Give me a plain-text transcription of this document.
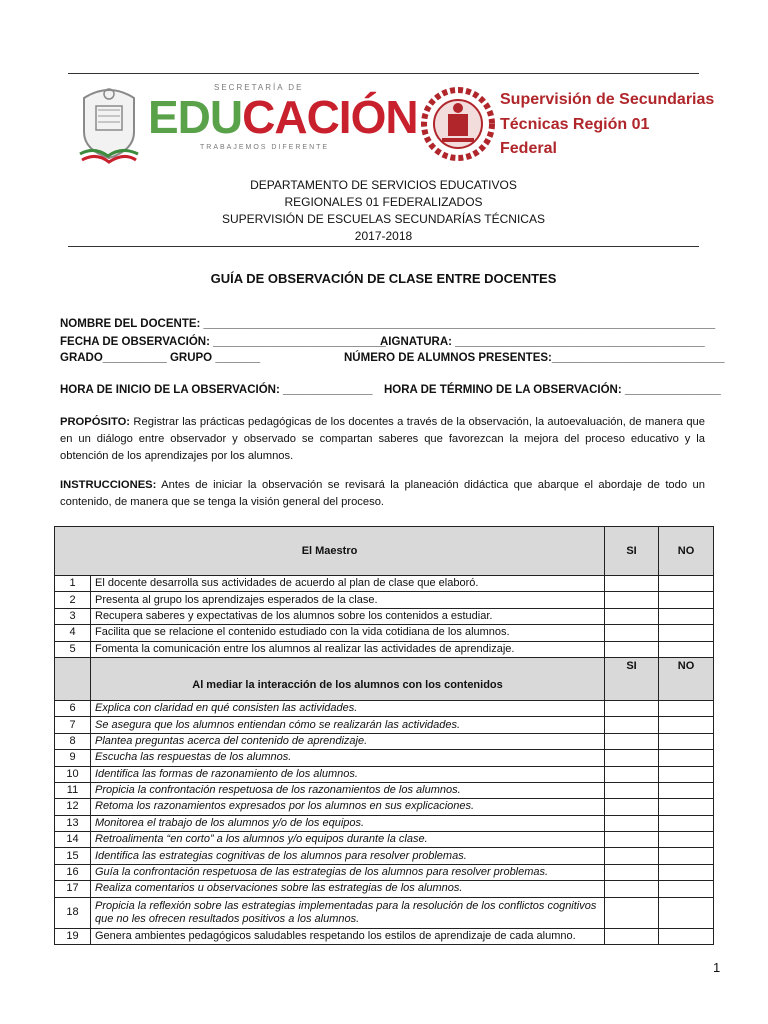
SECRETARÍA DE
EDUCACIÓN
TRABAJEMOS DIFERENTE
Supervisión de Secundarias
Técnicas Región 01
Federal
DEPARTAMENTO DE SERVICIOS EDUCATIVOS
REGIONALES 01 FEDERALIZADOS
SUPERVISIÓN DE ESCUELAS SECUNDARÍAS TÉCNICAS
2017-2018
GUÍA DE OBSERVACIÓN DE CLASE ENTRE DOCENTES
NOMBRE DEL DOCENTE: ________________________________________________________________________________
FECHA DE OBSERVACIÓN: ___________________________
AIGNATURA: _______________________________________
GRADO__________ GRUPO _______	NÚMERO DE ALUMNOS PRESENTES:___________________________
HORA DE INICIO DE LA OBSERVACIÓN: ______________ HORA DE TÉRMINO DE LA OBSERVACIÓN: _______________
PROPÓSITO: Registrar las prácticas pedagógicas de los docentes a través de la observación, la autoevaluación, de manera que en un diálogo entre observador y observado se compartan saberes que favorezcan la mejora del proceso educativo y la obtención de los aprendizajes por los alumnos.
INSTRUCCIONES: Antes de iniciar la observación se revisará la planeación didáctica que abarque el abordaje de todo un contenido, de manera que se tenga la visión general del proceso.
El Maestro		SI	NO
1	El docente desarrolla sus actividades de acuerdo al plan de clase que elaboró.		
2	Presenta al grupo los aprendizajes esperados de la clase.		
3	Recupera saberes y expectativas de los alumnos sobre los contenidos a estudiar.		
4	Facilita que se relacione el contenido estudiado con la vida cotidiana de los alumnos.		
5	Fomenta la comunicación entre los alumnos al realizar las actividades de aprendizaje.		
	Al mediar la interacción de los alumnos con los contenidos	SI	NO
6	Explica con claridad en qué consisten las actividades.		
7	Se asegura que los alumnos entiendan cómo se realizarán las actividades.		
8	Plantea preguntas acerca del contenido de aprendizaje.		
9	Escucha las respuestas de los alumnos.		
10	Identifica las formas de razonamiento de los alumnos.		
11	Propicia la confrontación respetuosa de los razonamientos de los alumnos.		
12	Retoma los razonamientos expresados por los alumnos en sus explicaciones.		
13	Monitorea el trabajo de los alumnos y/o de los equipos.		
14	Retroalimenta “en corto” a los alumnos y/o equipos durante la clase.		
15	Identifica las estrategias cognitivas de los alumnos para resolver problemas.		
16	Guía la confrontación respetuosa de las estrategias de los alumnos para resolver problemas.		
17	Realiza comentarios u observaciones sobre las estrategias de los alumnos.		
18	Propicia la reflexión sobre las estrategias implementadas para la resolución de los conflictos cognitivos que no les ofrecen resultados positivos a los alumnos.		
19	Genera ambientes pedagógicos saludables respetando los estilos de aprendizaje de cada alumno.		
1
